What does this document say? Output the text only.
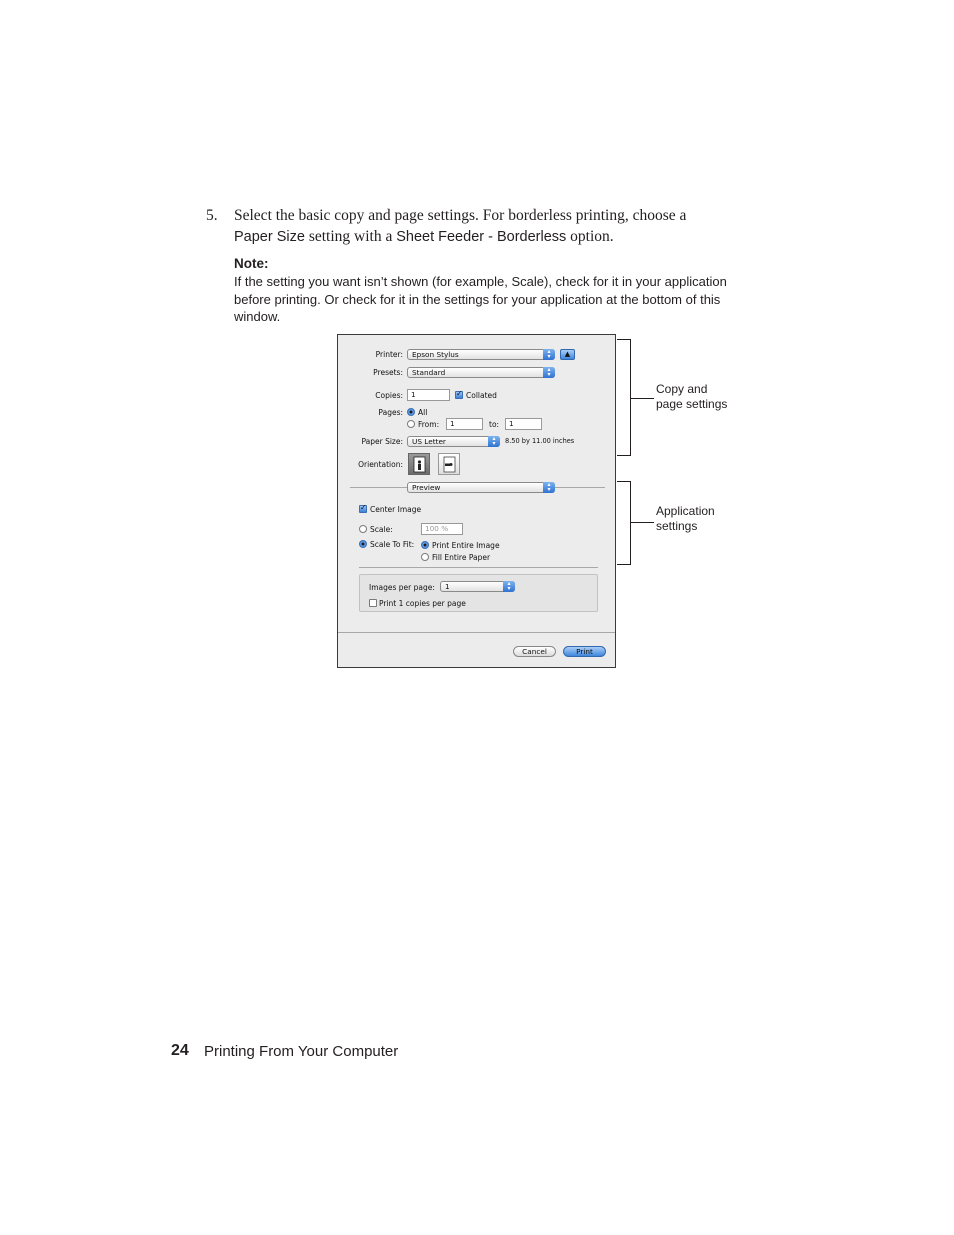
5. Select the basic copy and page settings. For borderless printing, choose a
Paper Size setting with a Sheet Feeder - Borderless option.
Note:
If the setting you want isn’t shown (for example, Scale), check for it in your application before printing. Or check for it in the settings for your application at the bottom of this window.
Printer:	Epson Stylus	▴
▾	▲
Presets:	Standard	▴
▾
Copies:	1
✓	Collated
Pages: All
From:	1	to:	1
Paper Size:	US Letter	▴
▾	8.50 by 11.00 inches
Orientation:
Preview	▴
▾
✓
Center Image
Scale:	100 %
Scale To Fit: Print Entire Image
Fill Entire Paper
Images per page:	1	▴
▾
Print 1 copies per page
Cancel	Print
Copy and
page settings
Application
settings
24 Printing From Your Computer
